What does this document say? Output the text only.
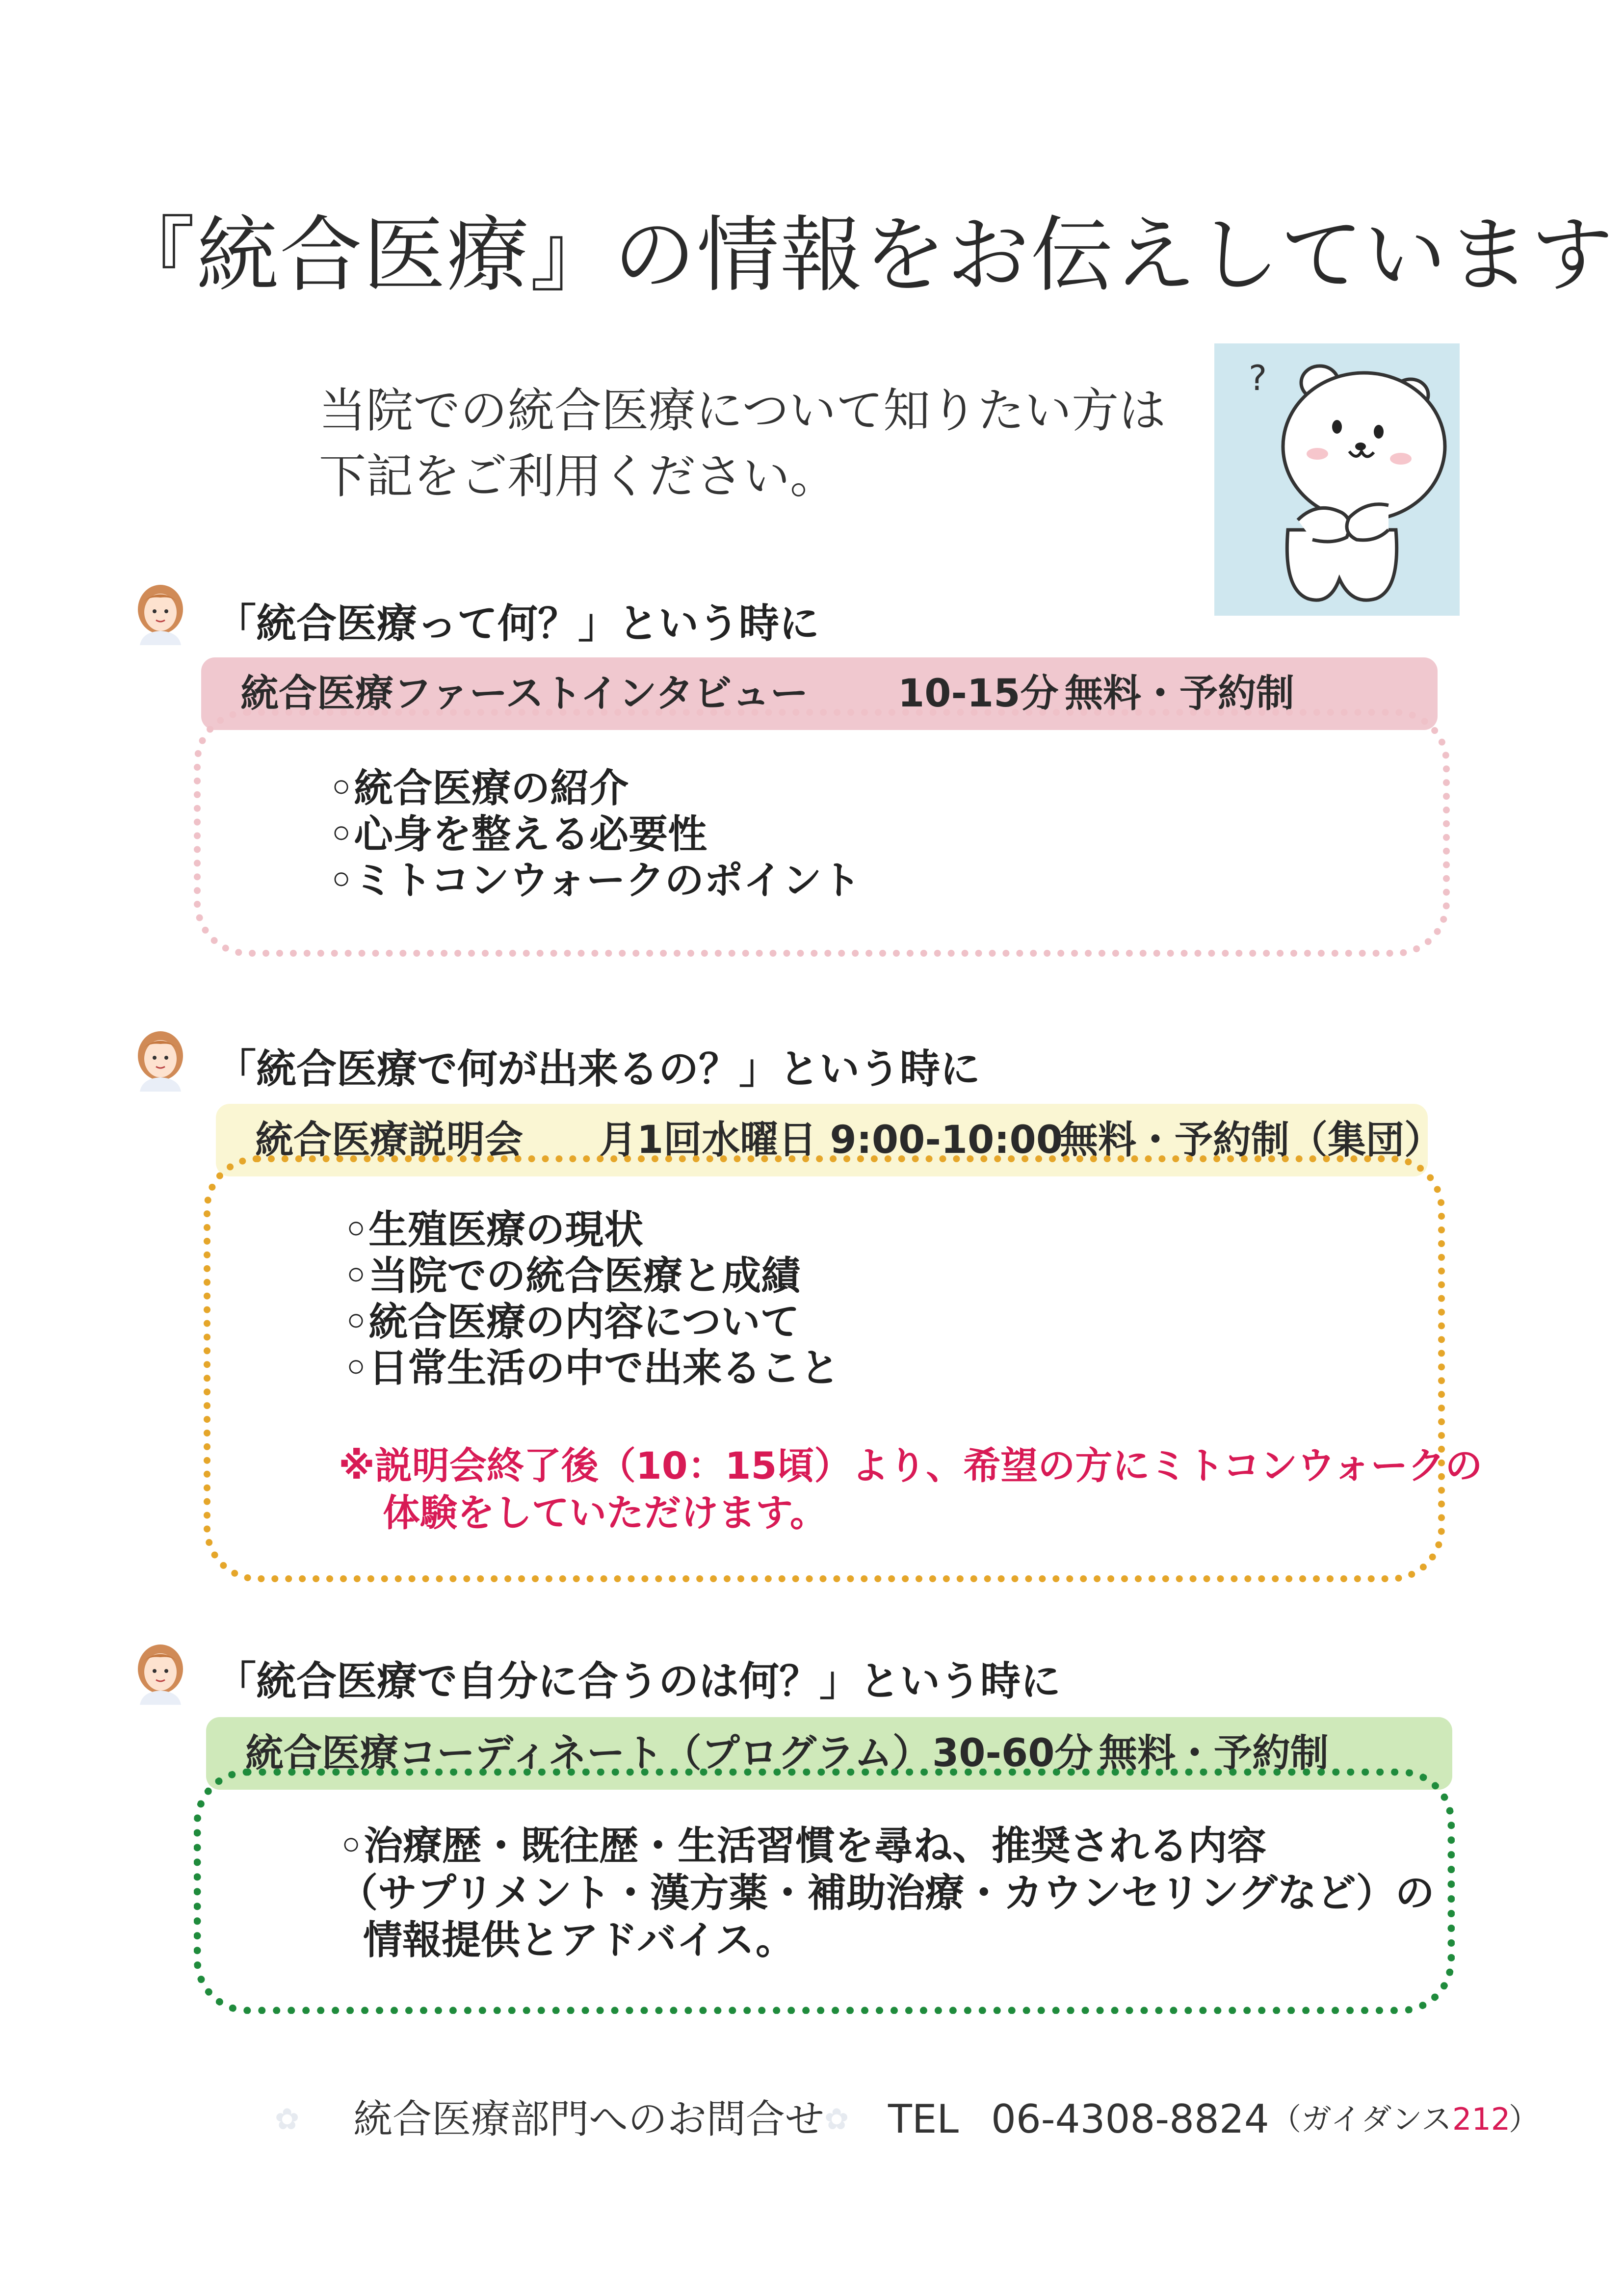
『統合医療』の情報をお伝えしています
当院での統合医療について知りたい方は
下記をご利用ください。
?
「統合医療って何？」という時に
統合医療ファーストインタビュー 10-15分 無料・予約制
◦統合医療の紹介
◦心身を整える必要性
◦ミトコンウォークのポイント
「統合医療で何が出来るの？」という時に
統合医療説明会 月1回水曜日 9:00-10:00
無料・予約制（集団）
◦生殖医療の現状
◦当院での統合医療と成績
◦統合医療の内容について
◦日常生活の中で出来ること
※説明会終了後（10：15頃）より、希望の方にミトコンウォークの
体験をしていただけます。
「統合医療で自分に合うのは何？」という時に
統合医療コーディネート（プログラム） 30-60分 無料・予約制
◦治療歴・既往歴・生活習慣を尋ね、推奨される内容
（サプリメント・漢方薬・補助治療・カウンセリングなど）の
情報提供とアドバイス。
✿ 統合医療部門へのお問合せ ✿ TEL 06-4308-8824 （ガイダンス 212
）
